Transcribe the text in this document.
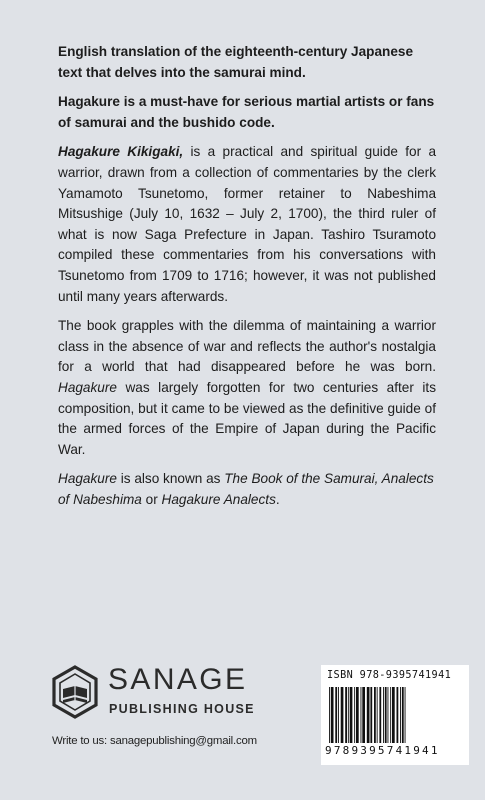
English translation of the eighteenth-century Japanese text that delves into the samurai mind.

Hagakure is a must-have for serious martial artists or fans of samurai and the bushido code.

Hagakure Kikigaki, is a practical and spiritual guide for a warrior, drawn from a collection of commentaries by the clerk Yamamoto Tsunetomo, former retainer to Nabeshima Mitsushige (July 10, 1632 – July 2, 1700), the third ruler of what is now Saga Prefecture in Japan. Tashiro Tsuramoto compiled these commentaries from his conversations with Tsunetomo from 1709 to 1716; however, it was not published until many years afterwards.

The book grapples with the dilemma of maintaining a warrior class in the absence of war and reflects the author's nostalgia for a world that had disappeared before he was born. Hagakure was largely forgotten for two centuries after its composition, but it came to be viewed as the definitive guide of the armed forces of the Empire of Japan during the Pacific War.

Hagakure is also known as The Book of the Samurai, Analects of Nabeshima or Hagakure Analects.

SANAGE
PUBLISHING HOUSE
Write to us: sanagepublishing@gmail.com
ISBN 978-9395741941
9789395741941
